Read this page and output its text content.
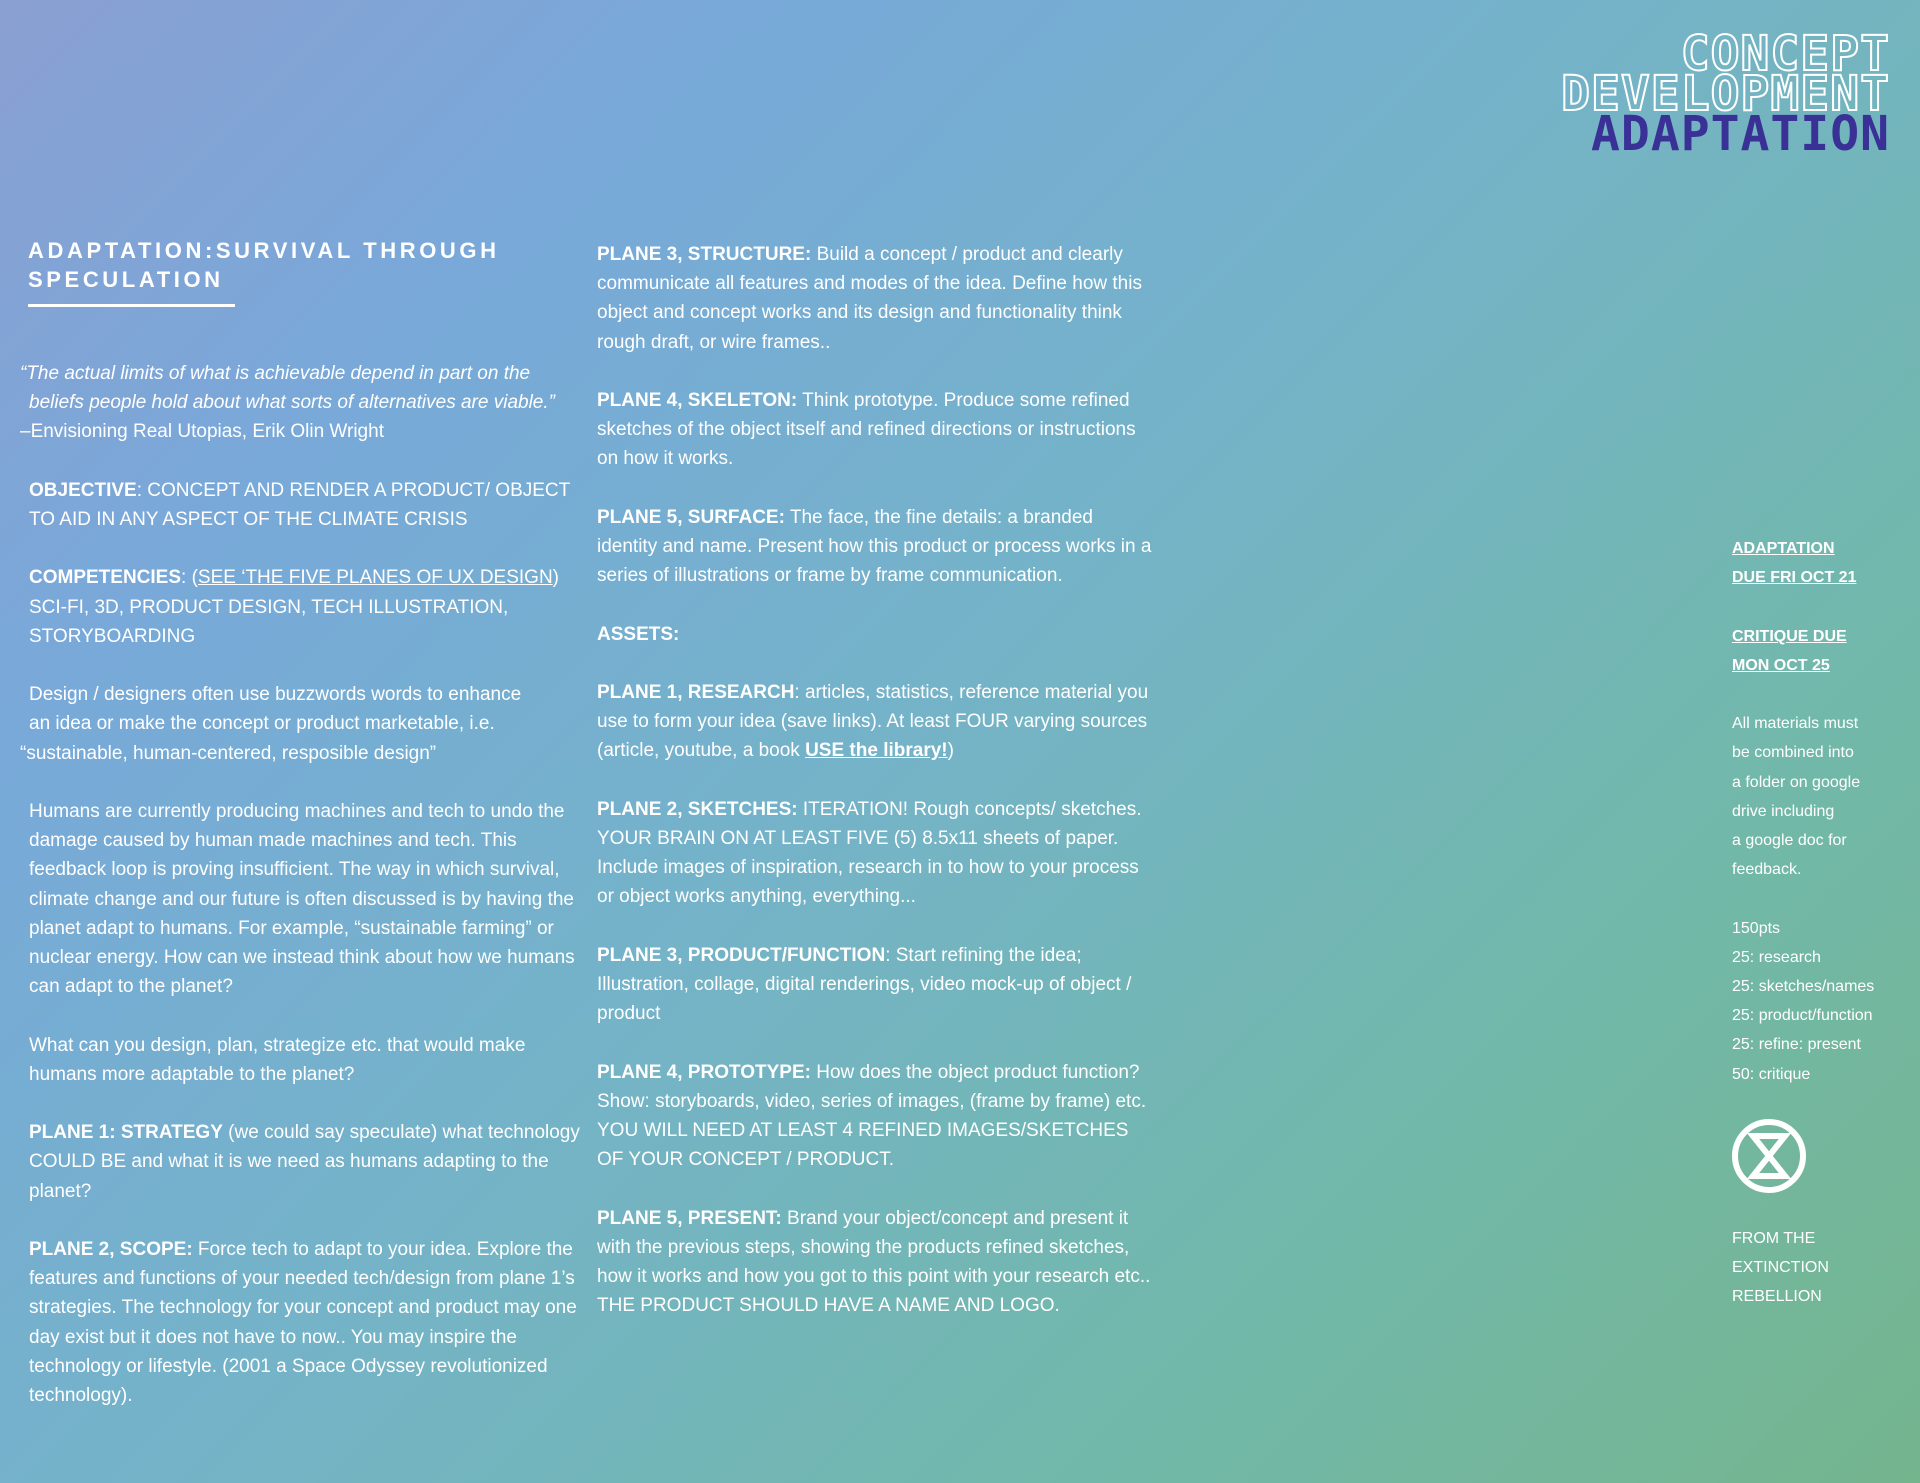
CONCEPT
DEVELOPMENT
ADAPTATION
ADAPTATION:SURVIVAL THROUGH SPECULATION
“The actual limits of what is achievable depend in part on the
beliefs people hold about what sorts of alternatives are viable.”
–Envisioning Real Utopias, Erik Olin Wright
OBJECTIVE: CONCEPT AND RENDER A PRODUCT/ OBJECT TO AID IN ANY ASPECT OF THE CLIMATE CRISIS
COMPETENCIES: (SEE ‘THE FIVE PLANES OF UX DESIGN) SCI-FI, 3D, PRODUCT DESIGN, TECH ILLUSTRATION, STORYBOARDING
Design / designers often use buzzwords words to enhance
an idea or make the concept or product marketable, i.e.
“sustainable, human-centered, resposible design”
Humans are currently producing machines and tech to undo the damage caused by human made machines and tech. This feedback loop is proving insufficient. The way in which survival, climate change and our future is often discussed is by having the planet adapt to humans. For example, “sustainable farming” or nuclear energy. How can we instead think about how we humans can adapt to the planet?
What can you design, plan, strategize etc. that would make humans more adaptable to the planet?
PLANE 1: STRATEGY (we could say speculate) what technology COULD BE and what it is we need as humans adapting to the planet?
PLANE 2, SCOPE: Force tech to adapt to your idea. Explore the features and functions of your needed tech/design from plane 1’s strategies. The technology for your concept and product may one day exist but it does not have to now.. You may inspire the technology or lifestyle. (2001 a Space Odyssey revolutionized technology).
PLANE 3, STRUCTURE: Build a concept / product and clearly communicate all features and modes of the idea. Define how this object and concept works and its design and functionality think rough draft, or wire frames..
PLANE 4, SKELETON: Think prototype. Produce some refined sketches of the object itself and refined directions or instructions on how it works.
PLANE 5, SURFACE: The face, the fine details: a branded identity and name. Present how this product or process works in a series of illustrations or frame by frame communication.
ASSETS:
PLANE 1, RESEARCH: articles, statistics, reference material you use to form your idea (save links). At least FOUR varying sources (article, youtube, a book USE the library!)
PLANE 2, SKETCHES: ITERATION! Rough concepts/ sketches. YOUR BRAIN ON AT LEAST FIVE (5) 8.5x11 sheets of paper. Include images of inspiration, research in to how to your process or object works anything, everything...
PLANE 3, PRODUCT/FUNCTION: Start refining the idea; Illustration, collage, digital renderings, video mock-up of object / product
PLANE 4, PROTOTYPE: How does the object product function? Show: storyboards, video, series of images, (frame by frame) etc. YOU WILL NEED AT LEAST 4 REFINED IMAGES/SKETCHES OF YOUR CONCEPT / PRODUCT.
PLANE 5, PRESENT: Brand your object/concept and present it with the previous steps, showing the products refined sketches, how it works and how you got to this point with your research etc.. THE PRODUCT SHOULD HAVE A NAME AND LOGO.
ADAPTATION
DUE FRI OCT 21
CRITIQUE DUE
MON OCT 25
All materials must
be combined into
a folder on google
drive including
a google doc for
feedback.
150pts
25: research
25: sketches/names
25: product/function
25: refine: present
50: critique
FROM THE
EXTINCTION
REBELLION
